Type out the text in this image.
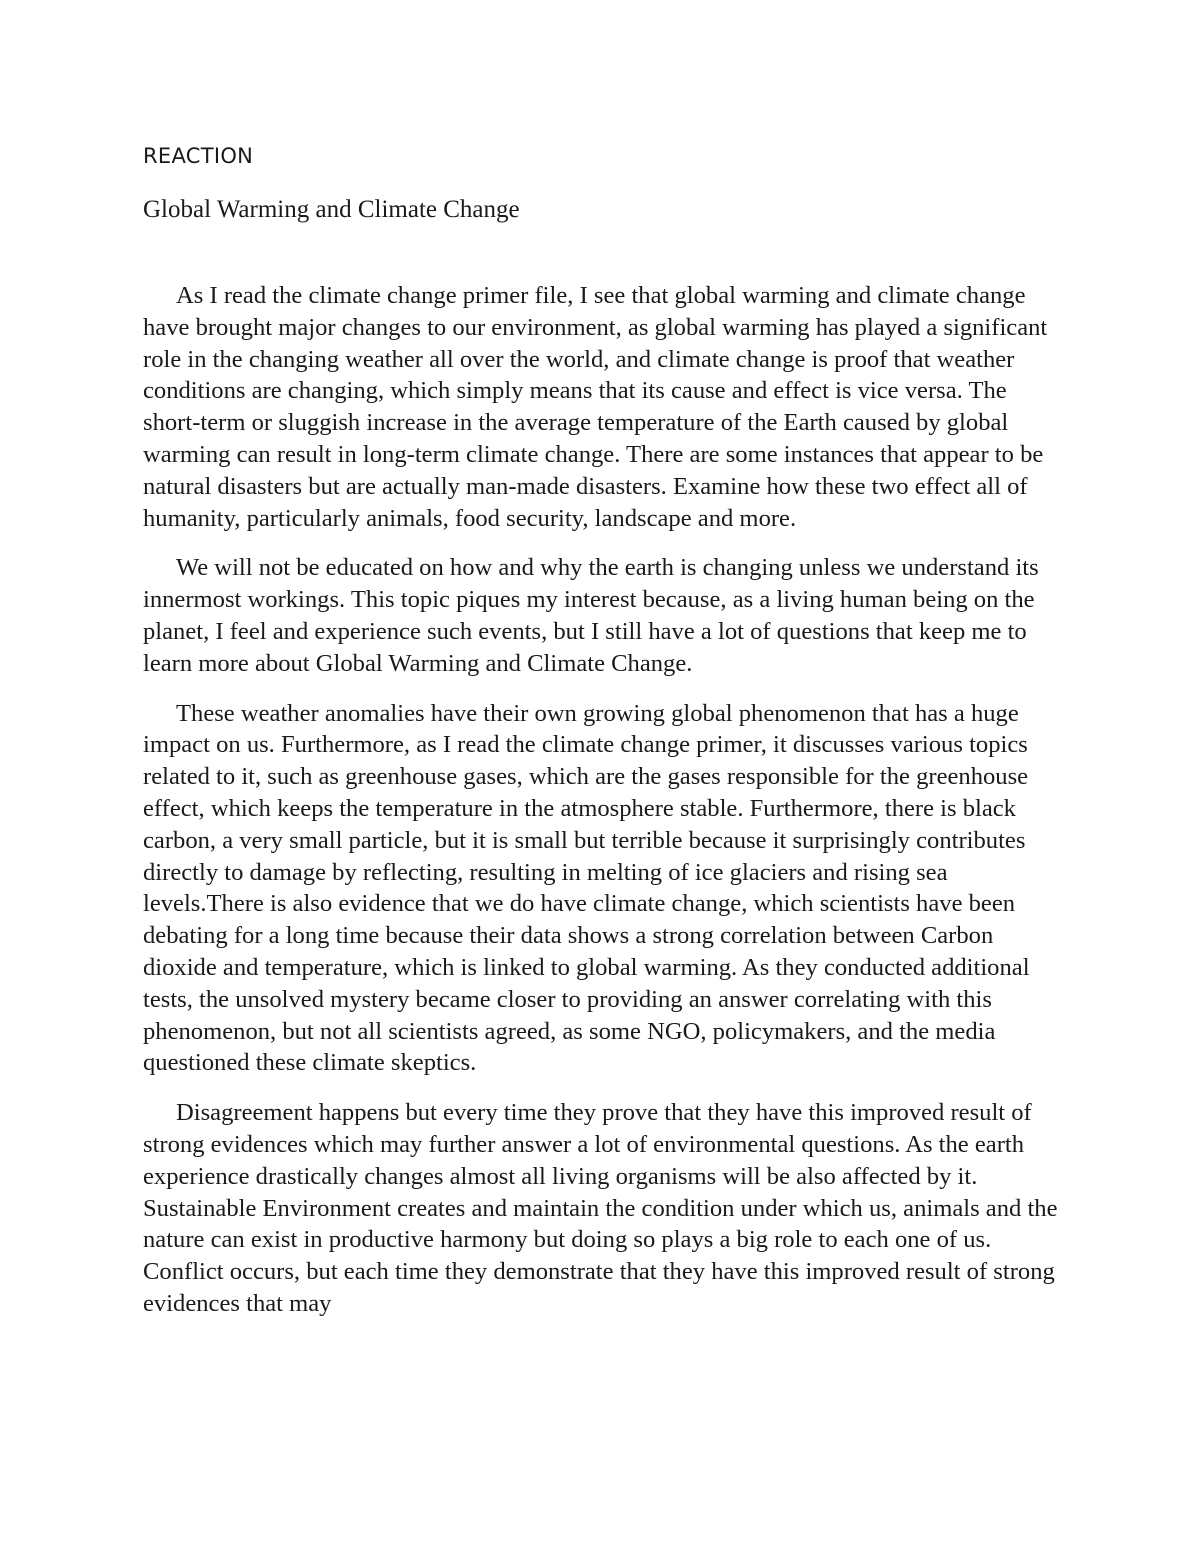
REACTION

Global Warming and Climate Change

As I read the climate change primer file, I see that global warming and climate change have brought major changes to our environment, as global warming has played a significant role in the changing weather all over the world, and climate change is proof that weather conditions are changing, which simply means that its cause and effect is vice versa. The short-term or sluggish increase in the average temperature of the Earth caused by global warming can result in long-term climate change. There are some instances that appear to be natural disasters but are actually man-made disasters. Examine how these two effect all of humanity, particularly animals, food security, landscape and more.

We will not be educated on how and why the earth is changing unless we understand its innermost workings. This topic piques my interest because, as a living human being on the planet, I feel and experience such events, but I still have a lot of questions that keep me to learn more about Global Warming and Climate Change.

These weather anomalies have their own growing global phenomenon that has a huge impact on us. Furthermore, as I read the climate change primer, it discusses various topics related to it, such as greenhouse gases, which are the gases responsible for the greenhouse effect, which keeps the temperature in the atmosphere stable. Furthermore, there is black carbon, a very small particle, but it is small but terrible because it surprisingly contributes directly to damage by reflecting, resulting in melting of ice glaciers and rising sea levels.There is also evidence that we do have climate change, which scientists have been debating for a long time because their data shows a strong correlation between Carbon dioxide and temperature, which is linked to global warming. As they conducted additional tests, the unsolved mystery became closer to providing an answer correlating with this phenomenon, but not all scientists agreed, as some NGO, policymakers, and the media questioned these climate skeptics.

Disagreement happens but every time they prove that they have this improved result of strong evidences which may further answer a lot of environmental questions. As the earth experience drastically changes almost all living organisms will be also affected by it. Sustainable Environment creates and maintain the condition under which us, animals and the nature can exist in productive harmony but doing so plays a big role to each one of us. Conflict occurs, but each time they demonstrate that they have this improved result of strong evidences that may
